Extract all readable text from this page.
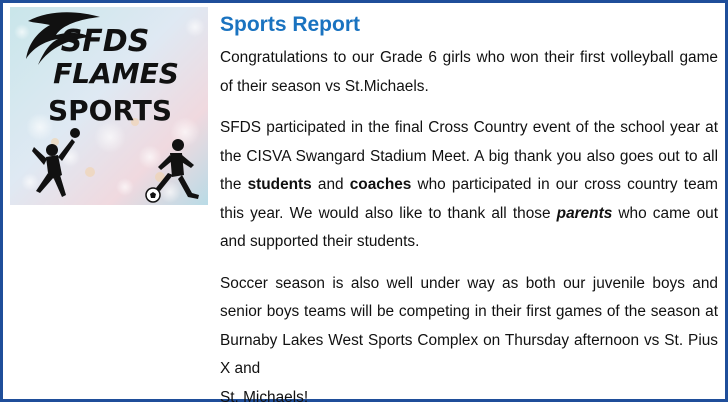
SFDS
FLAMES
SPORTS
Sports Report

Congratulations to our Grade 6 girls who won their first volleyball game of their season vs St.Michaels.

SFDS participated in the final Cross Country event of the school year at the CISVA Swangard Stadium Meet. A big thank you also goes out to all the students and coaches who participated in our cross country team this year. We would also like to thank all those parents who came out and supported their students.

Soccer season is also well under way as both our juvenile boys and senior boys teams will be competing in their first games of the season at Burnaby Lakes West Sports Complex on Thursday afternoon vs St. Pius X and

St. Michaels!
